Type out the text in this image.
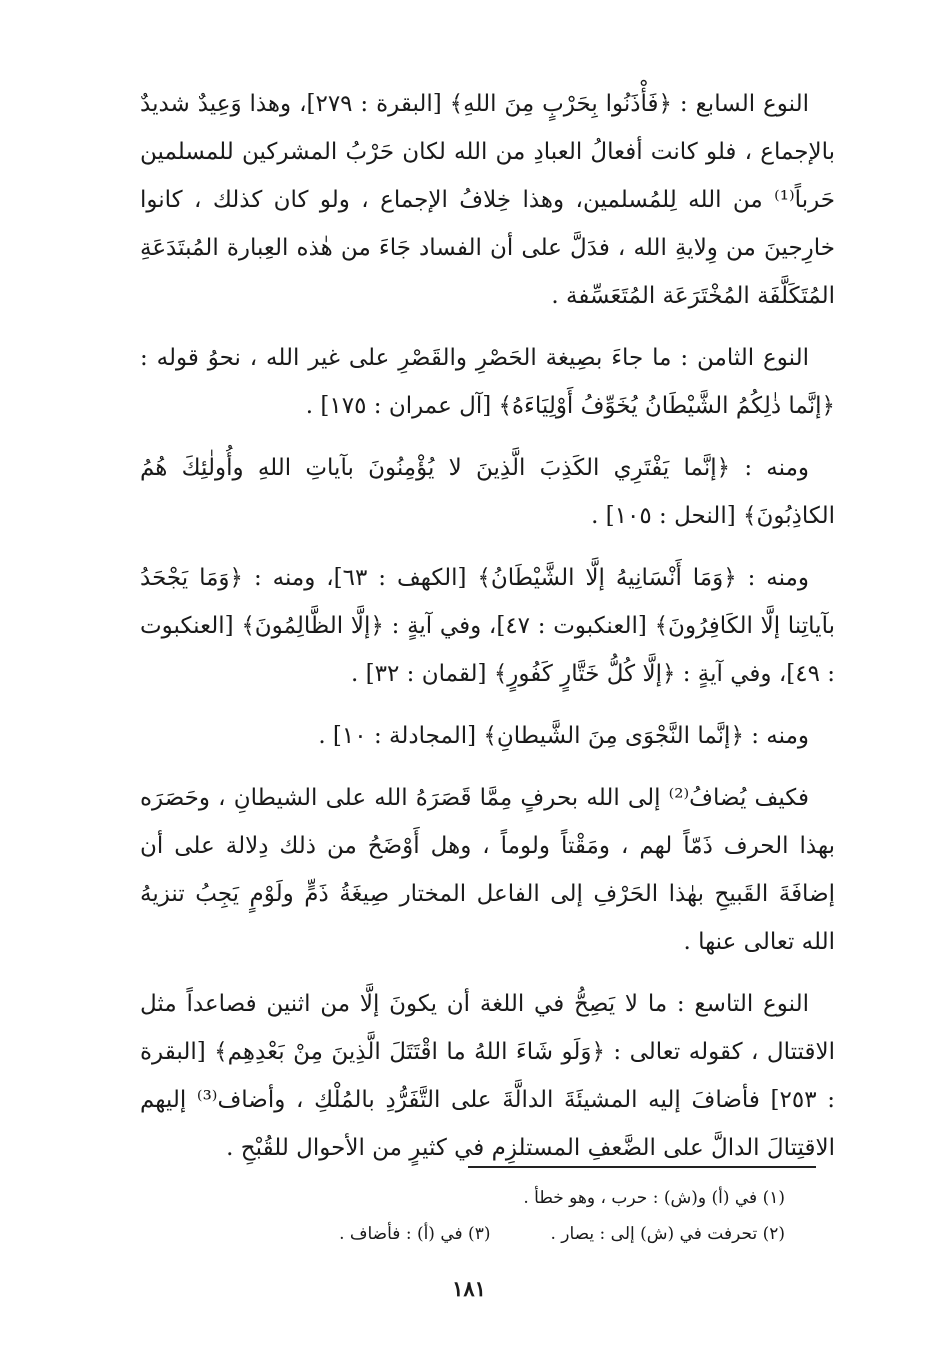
النوع السابع : ﴿فَأْذَنُوا بِحَرْبٍ مِنَ اللهِ﴾ [البقرة : ٢٧٩]، وهذا وَعِيدٌ شديدٌ بالإجماع ، فلو كانت أفعالُ العبادِ من الله لكان حَرْبُ المشركين للمسلمين حَرباً⁽¹⁾ من الله لِلمُسلمين، وهذا خِلافُ الإجماع ، ولو كان كذلك ، كانوا خارِجينَ من وِلايةِ الله ، فدَلَّ على أن الفساد جَاءَ من هٰذه العِبارة المُبتَدَعَةِ المُتَكَلَّفَة المُخْتَرَعَة المُتَعَسِّفة .

النوع الثامن : ما جاءَ بصِيغة الحَصْرِ والقَصْرِ على غير الله ، نحوُ قوله : ﴿إنَّما ذٰلِكُمُ الشَّيْطَانُ يُخَوِّفُ أَوْلِيَاءَهُ﴾ [آل عمران : ١٧٥] .

ومنه : ﴿إنَّما يَفْتَرِي الكَذِبَ الَّذِينَ لا يُؤْمِنُونَ بآياتِ اللهِ وأُولٰئِكَ هُمُ الكاذِبُونَ﴾ [النحل : ١٠٥] .

ومنه : ﴿وَمَا أَنْسَانِيهُ إلَّا الشَّيْطَانُ﴾ [الكهف : ٦٣]، ومنه : ﴿وَمَا يَجْحَدُ بآياتِنا إلَّا الكَافِرُونَ﴾ [العنكبوت : ٤٧]، وفي آيةٍ : ﴿إلَّا الظَّالِمُونَ﴾ [العنكبوت : ٤٩]، وفي آيةٍ : ﴿إلَّا كُلُّ خَتَّارٍ كَفُورٍ﴾ [لقمان : ٣٢] .

ومنه : ﴿إنَّما النَّجْوَى مِنَ الشَّيطانِ﴾ [المجادلة : ١٠] .

فكيف يُضافُ⁽²⁾ إلى الله بحرفٍ مِمَّا قَصَرَهُ الله على الشيطانِ ، وحَصَرَه بهذا الحرف ذَمّاً لهم ، ومَقْتاً ولوماً ، وهل أَوْضَحُ من ذلك دِلالة على أن إضافَةَ القَبيحِ بهٰذا الحَرْفِ إلى الفاعل المختار صِيغَةُ ذَمٍّ ولَوْمٍ يَجِبُ تنزيهُ الله تعالى عنها .

النوع التاسع : ما لا يَصِحُّ في اللغة أن يكونَ إلَّا من اثنين فصاعداً مثل الاقتتال ، كقوله تعالى : ﴿وَلَو شَاءَ اللهُ ما اقْتَتَلَ الَّذِينَ مِنْ بَعْدِهِم﴾ [البقرة : ٢٥٣] فأضافَ إليه المشيئَةَ الدالَّةَ على التَّفَرُّدِ بالمُلْكِ ، وأضاف⁽³⁾ إليهم الاقتِتالَ الدالَّ على الضَّعفِ المستلزِم في كثيرٍ من الأحوال للقُبْحِ .

(١) في (أ) و(ش) : حرب ، وهو خطأ .
(٢) تحرفت في (ش) إلى : يصار .(٣) في (أ) : فأضاف .
١٨١
